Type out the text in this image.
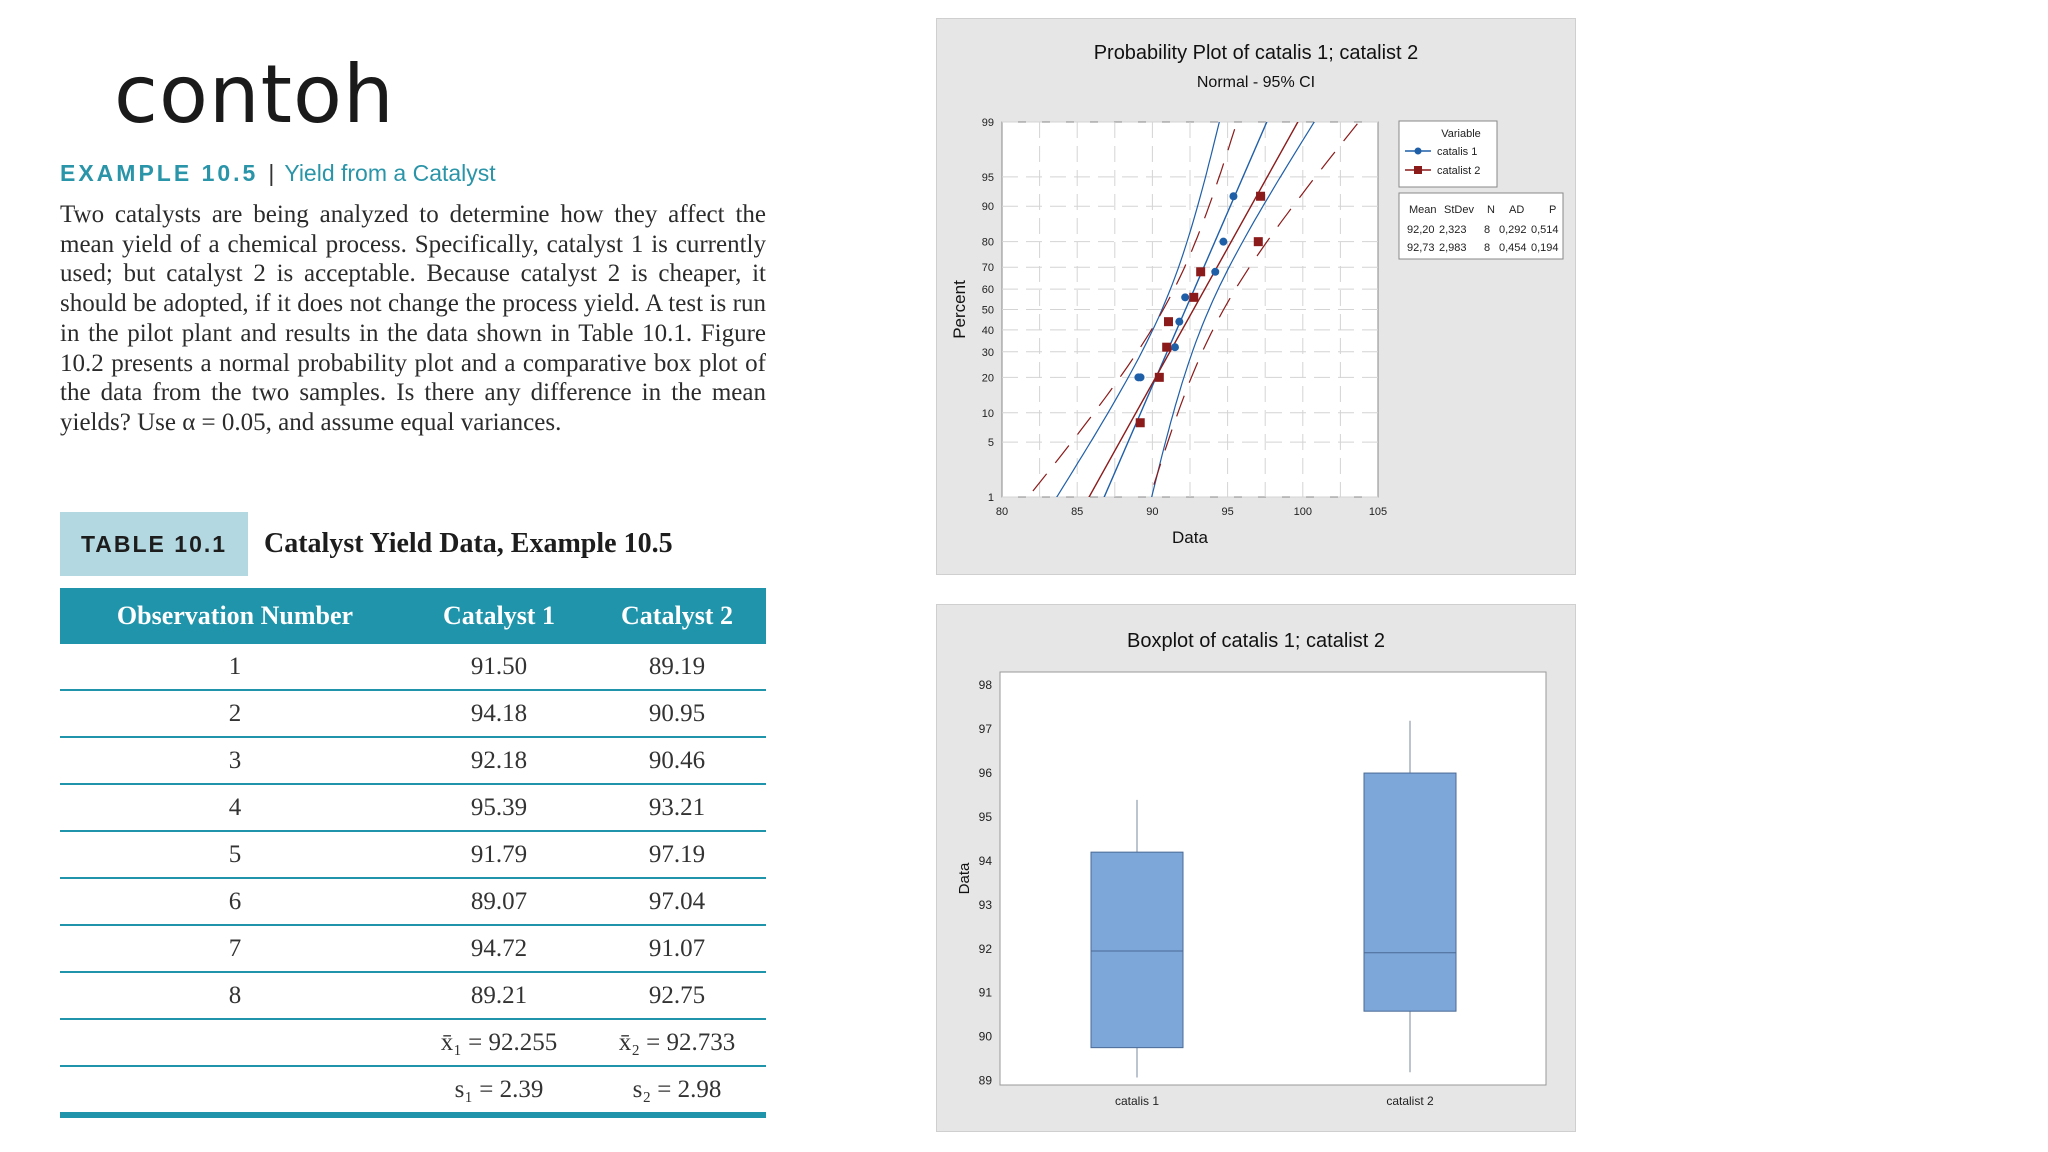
contoh
EXAMPLE 10.5 | Yield from a Catalyst
Two catalysts are being analyzed to determine how they affect the mean yield of a chemical process. Specifically, catalyst 1 is currently used; but catalyst 2 is acceptable. Because catalyst 2 is cheaper, it should be adopted, if it does not change the process yield. A test is run in the pilot plant and results in the data shown in Table 10.1. Figure 10.2 presents a normal probability plot and a comparative box plot of the data from the two samples. Is there any difference in the mean yields? Use α = 0.05, and assume equal variances.
TABLE 10.1	Catalyst Yield Data, Example 10.5
Observation Number	Catalyst 1	Catalyst 2
1	91.50	89.19
2	94.18	90.95
3	92.18	90.46
4	95.39	93.21
5	91.79	97.19
6	89.07	97.04
7	94.72	91.07
8	89.21	92.75
	x̄₁ = 92.255	x̄₂ = 92.733
	s₁ = 2.39	s₂ = 2.98
Probability Plot of catalis 1; catalist 2
Normal - 95% CI
1
5
10
20
30
40
50
60
70
80
90
95
99
80	85	90	95	100	105
Data
Percent
Variable
catalis 1
catalist 2
Mean StDev N AD P
92,20 2,323 8 0,292 0,514
92,73 2,983 8 0,454 0,194
Boxplot of catalis 1; catalist 2
89
90
91
92
93
94
95
96
97
98
Data
catalis 1	catalist 2
